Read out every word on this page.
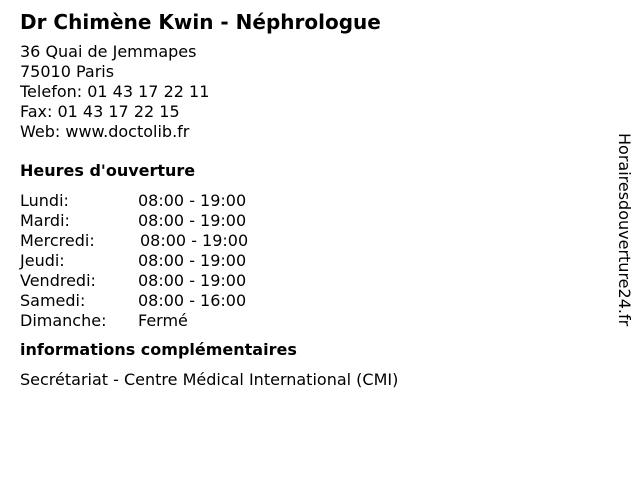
Dr Chimène Kwin - Néphrologue
36 Quai de Jemmapes
75010 Paris
Telefon: 01 43 17 22 11
Fax: 01 43 17 22 15
Web: www.doctolib.fr
Heures d'ouverture
Lundi:	08:00 - 19:00
Mardi:	08:00 - 19:00
Mercredi:	08:00 - 19:00
Jeudi:	08:00 - 19:00
Vendredi:	08:00 - 19:00
Samedi:	08:00 - 16:00
Dimanche:	Fermé
informations complémentaires
Secrétariat - Centre Médical International (CMI)
Horairesdouverture24.fr
